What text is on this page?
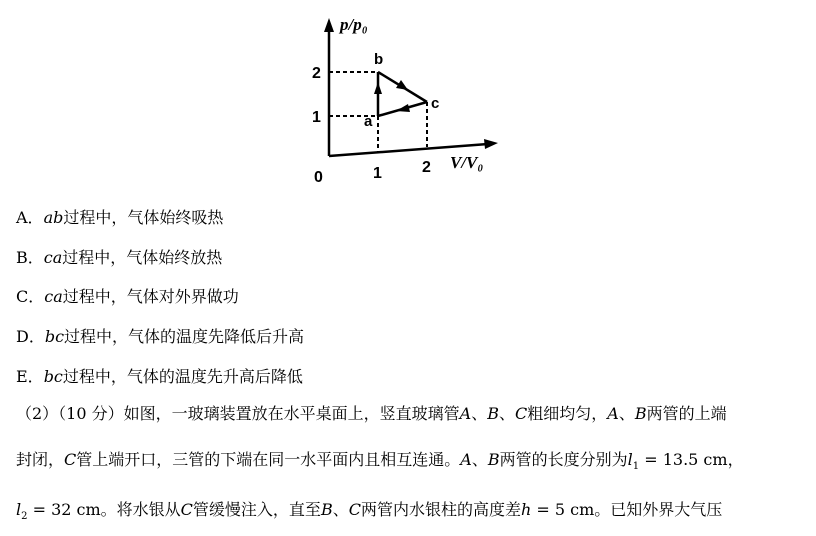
p/p₀
V/V₀
0
1
2
1	2
a
b
c
A．ab过程中，气体始终吸热
B．ca过程中，气体始终放热
C．ca过程中，气体对外界做功
D．bc过程中，气体的温度先降低后升高
E．bc过程中，气体的温度先升高后降低
（2）（10 分）如图，一玻璃装置放在水平桌面上，竖直玻璃管A、B、C粗细均匀，A、B两管的上端
封闭，C管上端开口，三管的下端在同一水平面内且相互连通。A、B两管的长度分别为$l_1 = 13.5$ cm，
$l_2 = 32$ cm。将水银从C管缓慢注入，直至B、C两管内水银柱的高度差h = 5 cm。已知外界大气压
